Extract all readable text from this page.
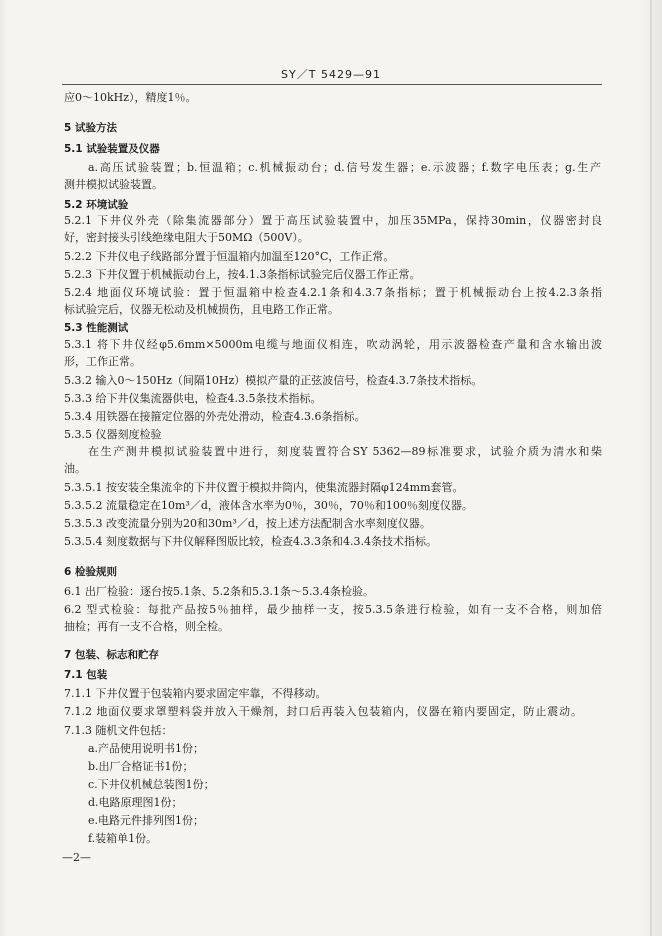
SY／T 5429—91
应0～10kHz），精度1％。
5 试验方法
5.1 试验装置及仪器
a.高压试验装置；b.恒温箱；c.机械振动台；d.信号发生器；e.示波器；f.数字电压表；g.生产
测井模拟试验装置。
5.2 环境试验
5.2.1 下井仪外壳（除集流器部分）置于高压试验装置中，加压35MPa，保持30min，仪器密封良
好，密封接头引线绝缘电阻大于50MΩ（500V）。
5.2.2 下井仪电子线路部分置于恒温箱内加温至120°C，工作正常。
5.2.3 下井仪置于机械振动台上，按4.1.3条指标试验完后仪器工作正常。
5.2.4 地面仪环境试验：置于恒温箱中检查4.2.1条和4.3.7条指标；置于机械振动台上按4.2.3条指
标试验完后，仪器无松动及机械损伤，且电路工作正常。
5.3 性能测试
5.3.1 将下井仪经φ5.6mm×5000m电缆与地面仪相连，吹动涡轮，用示波器检查产量和含水输出波
形，工作正常。
5.3.2 输入0～150Hz（间隔10Hz）模拟产量的正弦波信号，检查4.3.7条技术指标。
5.3.3 给下井仪集流器供电，检查4.3.5条技术指标。
5.3.4 用铁器在接箍定位器的外壳处滑动，检查4.3.6条指标。
5.3.5 仪器刻度检验
在生产测井模拟试验装置中进行，刻度装置符合SY 5362—89标准要求，试验介质为清水和柴
油。
5.3.5.1 按安装全集流伞的下井仪置于模拟井筒内，使集流器封隔φ124mm套管。
5.3.5.2 流量稳定在10m³／d，液体含水率为0％，30％，70％和100％刻度仪器。
5.3.5.3 改变流量分别为20和30m³／d，按上述方法配制含水率刻度仪器。
5.3.5.4 刻度数据与下井仪解释图版比较，检查4.3.3条和4.3.4条技术指标。
6 检验规则
6.1 出厂检验：逐台按5.1条、5.2条和5.3.1条～5.3.4条检验。
6.2 型式检验：每批产品按5％抽样，最少抽样一支，按5.3.5条进行检验，如有一支不合格，则加倍
抽检；再有一支不合格，则全检。
7 包装、标志和贮存
7.1 包装
7.1.1 下井仪置于包装箱内要求固定牢靠，不得移动。
7.1.2 地面仪要求罩塑料袋并放入干燥剂，封口后再装入包装箱内，仪器在箱内要固定，防止震动。
7.1.3 随机文件包括：
a.产品使用说明书1份；
b.出厂合格证书1份；
c.下井仪机械总装图1份；
d.电路原理图1份；
e.电路元件排列图1份；
f.装箱单1份。
—2—
